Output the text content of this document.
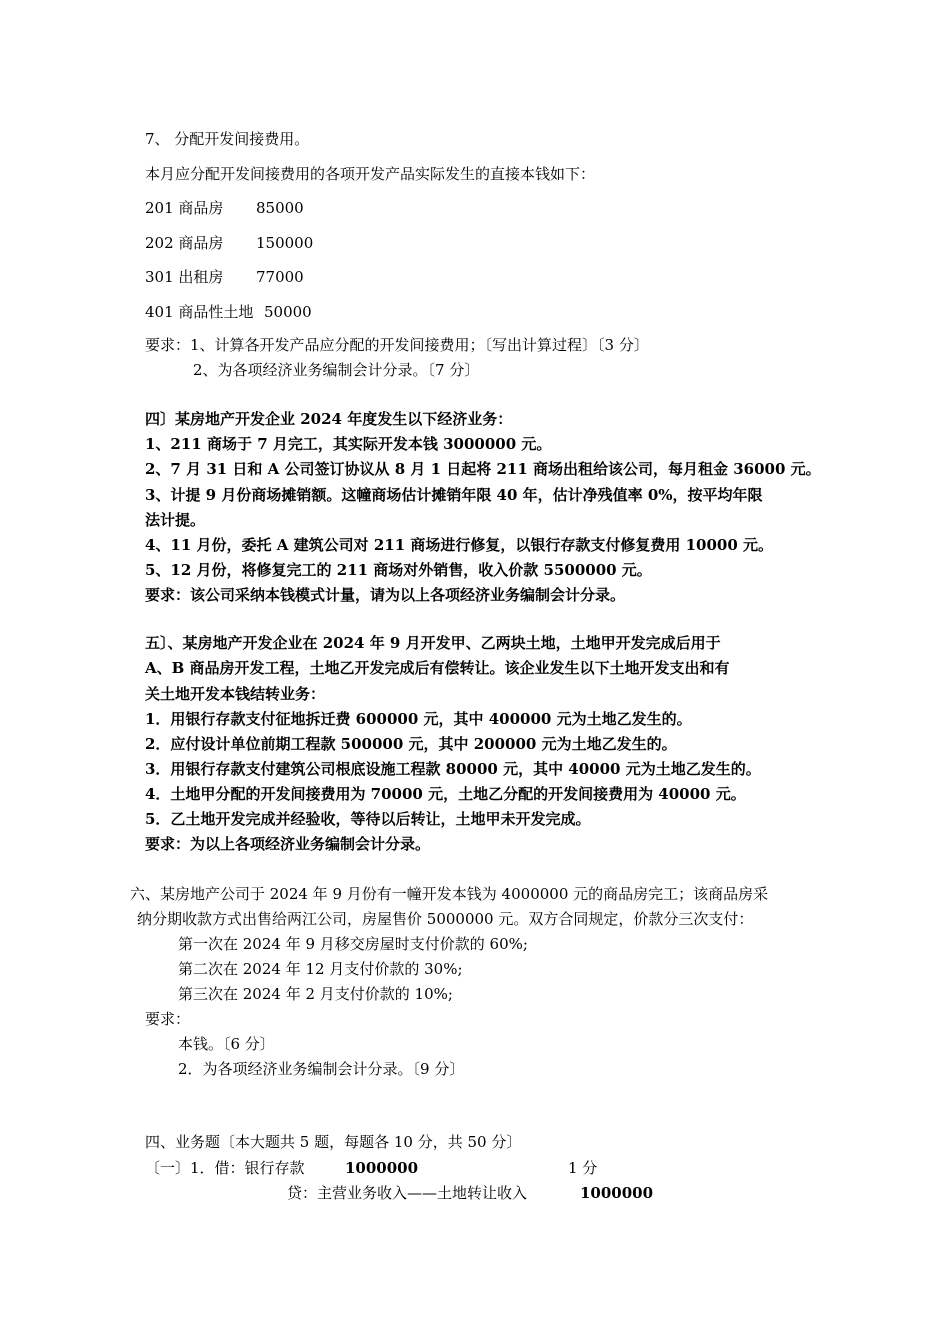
7、 分配开发间接费用。
本月应分配开发间接费用的各项开发产品实际发生的直接本钱如下：
201 商品房 85000
202 商品房 150000
301 出租房 77000
401 商品性土地 50000
要求：1、计算各开发产品应分配的开发间接费用；〔写出计算过程〕〔3 分〕
2、为各项经济业务编制会计分录。〔7 分〕
四〕某房地产开发企业 2024 年度发生以下经济业务：
1、211 商场于 7 月完工，其实际开发本钱 3000000 元。
2、7 月 31 日和 A 公司签订协议从 8 月 1 日起将 211 商场出租给该公司，每月租金 36000 元。
3、计提 9 月份商场摊销额。这幢商场估计摊销年限 40 年，估计净残值率 0%，按平均年限
法计提。
4、11 月份，委托 A 建筑公司对 211 商场进行修复，以银行存款支付修复费用 10000 元。
5、12 月份，将修复完工的 211 商场对外销售，收入价款 5500000 元。
要求：该公司采纳本钱模式计量，请为以上各项经济业务编制会计分录。
五〕、某房地产开发企业在 2024 年 9 月开发甲、乙两块土地，土地甲开发完成后用于
A、B 商品房开发工程，土地乙开发完成后有偿转让。该企业发生以下土地开发支出和有
关土地开发本钱结转业务：
1．用银行存款支付征地拆迁费 600000 元，其中 400000 元为土地乙发生的。
2．应付设计单位前期工程款 500000 元，其中 200000 元为土地乙发生的。
3．用银行存款支付建筑公司根底设施工程款 80000 元，其中 40000 元为土地乙发生的。
4．土地甲分配的开发间接费用为 70000 元，土地乙分配的开发间接费用为 40000 元。
5．乙土地开发完成并经验收，等待以后转让，土地甲未开发完成。
要求：为以上各项经济业务编制会计分录。
六、某房地产公司于 2024 年 9 月份有一幢开发本钱为 4000000 元的商品房完工；该商品房采
纳分期收款方式出售给两江公司，房屋售价 5000000 元。双方合同规定，价款分三次支付：
第一次在 2024 年 9 月移交房屋时支付价款的 60%;
第二次在 2024 年 12 月支付价款的 30%;
第三次在 2024 年 2 月支付价款的 10%;
要求：
本钱。〔6 分〕
2．为各项经济业务编制会计分录。〔9 分〕
四、业务题〔本大题共 5 题，每题各 10 分，共 50 分〕
〔一〕1．借：银行存款	1000000	1 分
贷：主营业务收入——土地转让收入	1000000
